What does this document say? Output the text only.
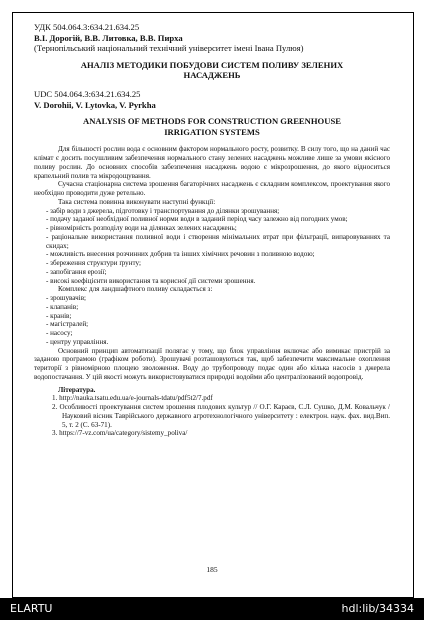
УДК 504.064.3:634.21.634.25
В.І. Дорогій, В.В. Литовка, В.В. Пирха
(Тернопільський національний технічний університет імені Івана Пулюя)
АНАЛІЗ МЕТОДИКИ ПОБУДОВИ СИСТЕМ ПОЛИВУ ЗЕЛЕНИХ
НАСАДЖЕНЬ
UDC 504.064.3:634.21.634.25
V. Dorohii, V. Lytovka, V. Pyrkha
ANALYSIS OF METHODS FOR CONSTRUCTION GREENHOUSE
IRRIGATION SYSTEMS
Для більшості рослин вода є основним фактором нормального росту, розвитку. В силу того, що на даний час клімат є досить посушливим забезпечення нормального стану зелених насаджень можливе лише за умови якісного поливу рослин. До основних способів забезпечення насаджень водою є мікрозрошення, до якого відноситься крапельний полив та мікродощування.
Сучасна стаціонарна система зрошення багаторічних насаджень є складним комплексом, проектування якого необхідно проводити дуже ретельно.
Така система повинна виконувати наступні функції:
- забір води з джерела, підготовку і транспортування до ділянки зрошування;
- подачу заданої необхідної поливної норми води в заданий період часу залежно від погодних умов;
- рівномірність розподілу води на ділянках зелених насаджень;
- раціональне використання поливної води і створення мінімальних втрат при фільтрації, випаровуваннях та скидах;
- можливість внесення розчинних добрив та інших хімічних речовин з поливною водою;
- збереження структури ґрунту;
- запобігання ерозії;
- високі коефіцієнти використання та корисної дії системи зрошення.
Комплекс для ландшафтного поливу складається з:
- зрошувачів;
- клапанів;
- кранів;
- магістралей;
- насосу;
- центру управління.
Основний принцип автоматизації полягає у тому, що блок управління включає або вимикає пристрій за заданою програмою (графіком роботи). Зрошувачі розташовуються так, щоб забезпечити максимальне охоплення території з рівномірною площею зволоження. Воду до трубопроводу подає один або кілька насосів з джерела водопостачання. У цій якості можуть використовуватися природні водойми або централізований водопровід.
Література.
1. http://nauka.tsatu.edu.ua/e-journals-tdatu/pdf5t2/7.pdf
2. Особливості проектування систем зрошення плодових культур // О.Г. Караєв, С.Л. Сушко, Д.М. Ковальчук / Науковий вісник Таврійського державного агротехнологічного університету : електрон. наук. фах. вид.Вип. 5, т. 2 (С. 63-71).
3. https://7-vz.com/ua/category/sistemy_poliva/
185
ELARTU	hdl:lib/34334
